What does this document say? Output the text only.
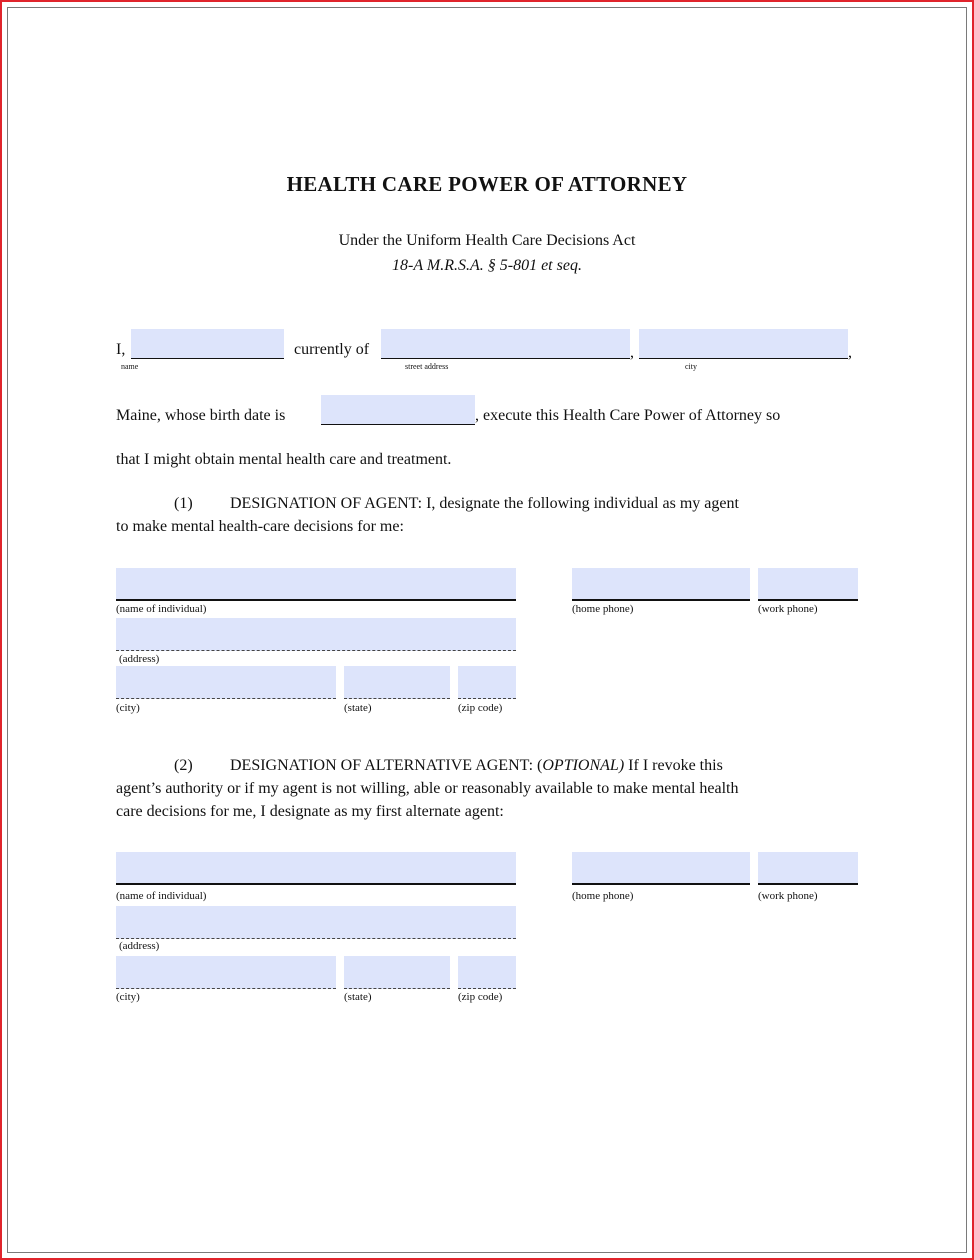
HEALTH CARE POWER OF ATTORNEY
Under the Uniform Health Care Decisions Act
18-A M.R.S.A. § 5-801 et seq.
I,
name
currently of
street address
,
city
,
Maine, whose birth date is	, execute this Health Care Power of Attorney so
that I might obtain mental health care and treatment.
(1) DESIGNATION OF AGENT: I, designate the following individual as my agent
to make mental health-care decisions for me:
(name of individual)	(home phone)	(work phone)
(address)
(city)	(state)	(zip code)
(2) DESIGNATION OF ALTERNATIVE AGENT: (OPTIONAL) If I revoke this
agent’s authority or if my agent is not willing, able or reasonably available to make mental health
care decisions for me, I designate as my first alternate agent:
(name of individual)	(home phone)	(work phone)
(address)
(city)	(state)	(zip code)
